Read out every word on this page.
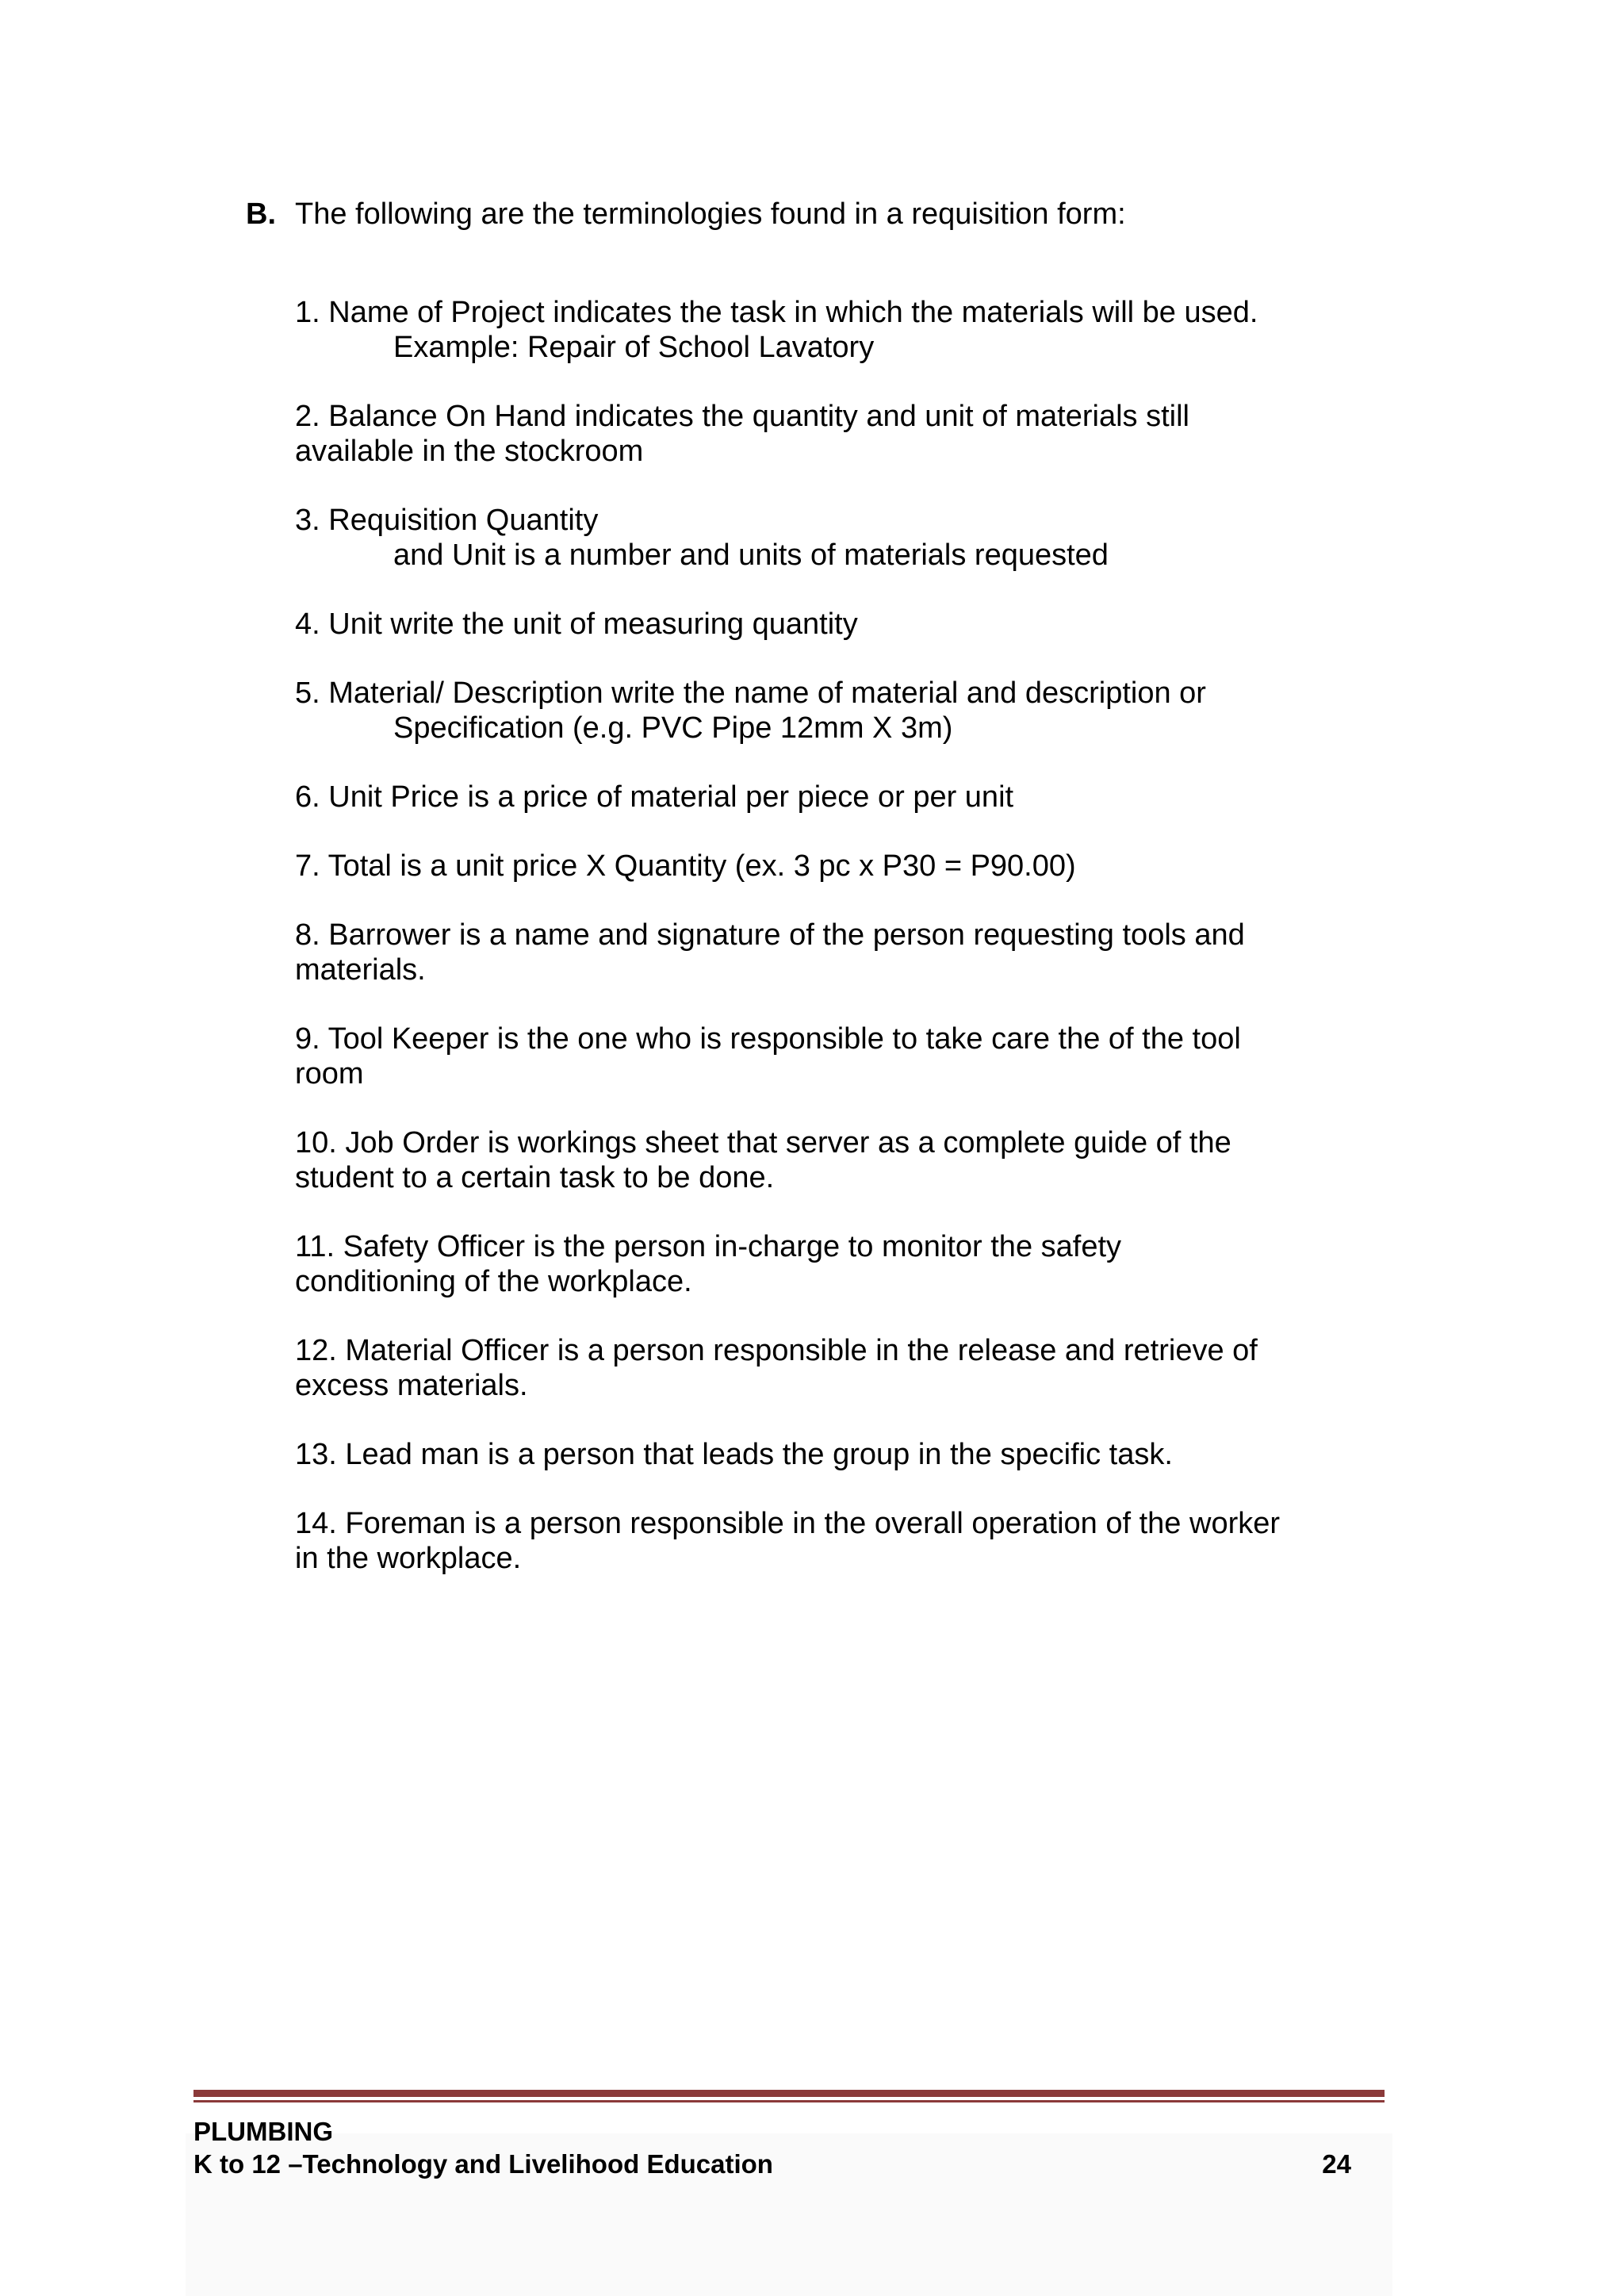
B. The following are the terminologies found in a requisition form:
1. Name of Project indicates the task in which the materials will be used.
Example: Repair of School Lavatory
2. Balance On Hand indicates the quantity and unit of materials still available in the stockroom
3. Requisition Quantity
and Unit is a number and units of materials requested
4. Unit write the unit of measuring quantity
5. Material/ Description write the name of material and description or
Specification (e.g. PVC Pipe 12mm X 3m)
6. Unit Price is a price of material per piece or per unit
7. Total is a unit price X Quantity (ex. 3 pc x P30 = P90.00)
8. Barrower is a name and signature of the person requesting tools and materials.
9. Tool Keeper is the one who is responsible to take care the of the tool room
10. Job Order is workings sheet that server as a complete guide of the student to a certain task to be done.
11. Safety Officer is the person in-charge to monitor the safety conditioning of the workplace.
12. Material Officer is a person responsible in the release and retrieve of excess materials.
13. Lead man is a person that leads the group in the specific task.
14. Foreman is a person responsible in the overall operation of the worker in the workplace.
PLUMBING
K to 12 –Technology and Livelihood Education	24
